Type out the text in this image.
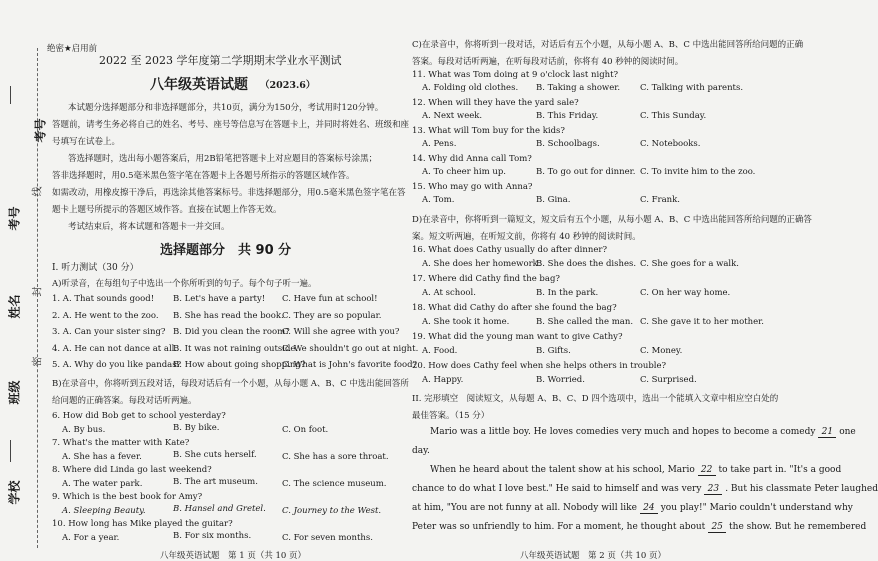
绝密★启用前
考号
考号
姓名
班级
学校
线
封
密
2022 至 2023 学年度第二学期期末学业水平测试
八年级英语试题 （2023.6）
本试题分选择题部分和非选择题部分，共10页，满分为150分，考试用时120分钟。
答题前，请考生务必将自己的姓名、考号、座号等信息写在答题卡上，并同时将姓名、班级和座
号填写在试卷上。
答选择题时，选出每小题答案后，用2B铅笔把答题卡上对应题目的答案标号涂黑；
答非选择题时，用0.5毫米黑色签字笔在答题卡上各题号所指示的答题区域作答。
如需改动，用橡皮擦干净后，再选涂其他答案标号。非选择题部分，用0.5毫米黑色签字笔在答
题卡上题号所提示的答题区域作答。直接在试题上作答无效。
考试结束后，将本试题和答题卡一并交回。
选择题部分　共 90 分
I. 听力测试（30 分）
A)听录音，在每组句子中选出一个你所听到的句子。每个句子听一遍。
1. A. That sounds good! B. Let's have a party! C. Have fun at school!
2. A. He went to the zoo. B. She has read the book.
C. They are so popular.
3. A. Can your sister sing? B. Did you clean the room?
C. Will she agree with you?
4. A. He can not dance at all.
B. It was not raining outside.
C. We shouldn't go out at night.
5. A. Why do you like pandas?
B. How about going shopping?
C. What is John's favorite food?
B)在录音中，你将听到五段对话，每段对话后有一个小题，从每小题 A、B、C 中选出能回答所
给问题的正确答案。每段对话听两遍。
6. How did Bob get to school yesterday?
A. By bus.	B. By bike.	C. On foot.
7. What's the matter with Kate?
A. She has a fever.	B. She cuts herself.	C. She has a sore throat.
8. Where did Linda go last weekend?
A. The water park.	B. The art museum.	C. The science museum.
9. Which is the best book for Amy?
A. Sleeping Beauty.	B. Hansel and Gretel. C. Journey to the West.
10. How long has Mike played the guitar?
A. For a year.	B. For six months.	C. For seven months.
八年级英语试题　第 1 页（共 10 页）
C)在录音中，你将听到一段对话，对话后有五个小题，从每小题 A、B、C 中选出能回答所给问题的正确
答案。每段对话听两遍，在听每段对话前，你将有 40 秒钟的阅读时间。
11. What was Tom doing at 9 o'clock last night?
A. Folding old clothes. B. Taking a shower. C. Talking with parents.
12. When will they have the yard sale?
A. Next week.	B. This Friday.	C. This Sunday.
13. What will Tom buy for the kids?
A. Pens.	B. Schoolbags.	C. Notebooks.
14. Why did Anna call Tom?
A. To cheer him up.	B. To go out for dinner. C. To invite him to the zoo.
15. Who may go with Anna?
A. Tom.	B. Gina.	C. Frank.
D)在录音中，你将听到一篇短文，短文后有五个小题，从每小题 A、B、C 中选出能回答所给问题的正确答
案。短文听两遍，在听短文前，你将有 40 秒钟的阅读时间。
16. What does Cathy usually do after dinner?
A. She does her homework.
B. She does the dishes. C. She goes for a walk.
17. Where did Cathy find the bag?
A. At school.	B. In the park.	C. On her way home.
18. What did Cathy do after she found the bag?
A. She took it home.	B. She called the man. C. She gave it to her mother.
19. What did the young man want to give Cathy?
A. Food.	B. Gifts.	C. Money.
20. How does Cathy feel when she helps others in trouble?
A. Happy.	B. Worried.	C. Surprised.
II. 完形填空　阅读短文，从每题 A、B、C、D 四个选项中，选出一个能填入文章中相应空白处的
最佳答案。（15 分）
Mario was a little boy. He loves comedies very much and hopes to become a comedy 21 one
day.
When he heard about the talent show at his school, Mario 22 to take part in. "It's a good
chance to do what I love best." He said to himself and was very 23 . But his classmate Peter laughed
at him, "You are not funny at all. Nobody will like 24 you play!" Mario couldn't understand why
Peter was so unfriendly to him. For a moment, he thought about 25 the show. But he remembered
八年级英语试题　第 2 页（共 10 页）
